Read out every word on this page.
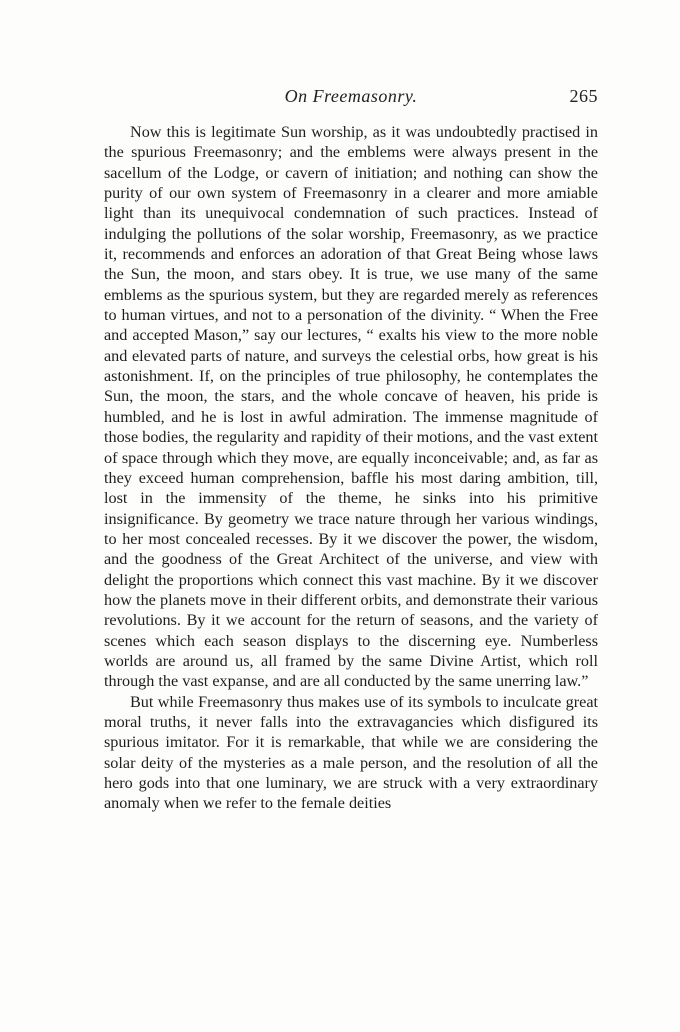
On Freemasonry.	265

Now this is legitimate Sun worship, as it was undoubtedly practised in the spurious Freemasonry; and the emblems were always present in the sacellum of the Lodge, or cavern of initiation; and nothing can show the purity of our own system of Freemasonry in a clearer and more amiable light than its unequivocal condemnation of such practices. Instead of indulging the pollutions of the solar worship, Freemasonry, as we practice it, recommends and enforces an adoration of that Great Being whose laws the Sun, the moon, and stars obey. It is true, we use many of the same emblems as the spurious system, but they are regarded merely as references to human virtues, and not to a personation of the divinity. “ When the Free and accepted Mason,” say our lectures, “ exalts his view to the more noble and elevated parts of nature, and surveys the celestial orbs, how great is his astonishment. If, on the principles of true philosophy, he contemplates the Sun, the moon, the stars, and the whole concave of heaven, his pride is humbled, and he is lost in awful admiration. The immense magnitude of those bodies, the regularity and rapidity of their motions, and the vast extent of space through which they move, are equally inconceivable; and, as far as they exceed human comprehension, baffle his most daring ambition, till, lost in the immensity of the theme, he sinks into his primitive insignificance. By geometry we trace nature through her various windings, to her most concealed recesses. By it we discover the power, the wisdom, and the goodness of the Great Architect of the universe, and view with delight the proportions which connect this vast machine. By it we discover how the planets move in their different orbits, and demonstrate their various revolutions. By it we account for the return of seasons, and the variety of scenes which each season displays to the discerning eye. Numberless worlds are around us, all framed by the same Divine Artist, which roll through the vast expanse, and are all conducted by the same unerring law.”

But while Freemasonry thus makes use of its symbols to inculcate great moral truths, it never falls into the extravagancies which disfigured its spurious imitator. For it is remarkable, that while we are considering the solar deity of the mysteries as a male person, and the resolution of all the hero gods into that one luminary, we are struck with a very extraordinary anomaly when we refer to the female deities
